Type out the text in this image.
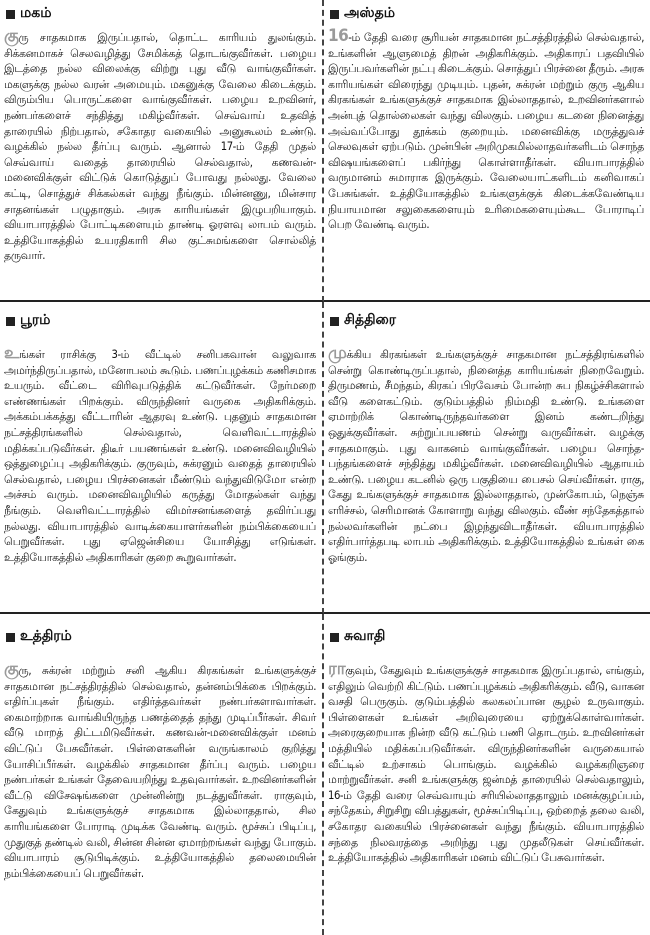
மகம்
குரு சாதகமாக இருப்பதால், தொட்ட காரியம் துலங்கும். சிக்கனமாகச் செலவழித்து சேமிக்கத் தொடங்குவீர்கள். பழைய இடத்தை நல்ல விலைக்கு விற்று புது வீடு வாங்குவீர்கள். மகளுக்கு நல்ல வரன் அமையும். மகனுக்கு வேலை கிடைக்கும். விரும்பிய பொருட்களை வாங்குவீர்கள். பழைய உறவினர், நண்பர்களைச் சந்தித்து மகிழ்வீர்கள். செவ்வாய் உதவித் தாரையில் நிற்பதால், சகோதர வகையில் அனுகூலம் உண்டு. வழக்கில் நல்ல தீர்ப்பு வரும். ஆனால் 17-ம் தேதி முதல் செவ்வாய் வதைத் தாரையில் செல்வதால், கணவன்-மனைவிக்குள் விட்டுக் கொடுத்துப் போவது நல்லது. வேலை கட்டி, சொத்துச் சிக்கல்கள் வந்து நீங்கும். மின்னணு, மின்சார சாதனங்கள் பழுதாகும். அரசு காரியங்கள் இழுபறியாகும். வியாபாரத்தில் போட்டிகளையும் தாண்டி ஓரளவு லாபம் வரும். உத்தியோகத்தில் உயரதிகாரி சில குட்சுமங்களை சொல்லித் தருவார்.
அஸ்தம்
16-ம் தேதி வரை சூரியன் சாதகமான நட்சத்திரத்தில் செல்வதால், உங்களின் ஆளுமைத் திறன் அதிகரிக்கும். அதிகாரப் பதவியில் இருப்பவர்களின் நட்பு கிடைக்கும். சொத்துப் பிரச்னை தீரும். அரசு காரியங்கள் விரைந்து முடியும். புதன், சுக்ரன் மற்றும் குரு ஆகிய கிரகங்கள் உங்களுக்குச் சாதகமாக இல்லாததால், உறவினர்களால் அன்புத் தொல்லைகள் வந்து விலகும். பழைய கடனை நினைத்து அவ்வப்போது தூக்கம் குறையும். மனைவிக்கு மருத்துவச் செலவுகள் ஏற்படும். முன்பின் அறிமுகமில்லாதவர்களிடம் சொந்த விஷயங்களைப் பகிர்ந்து கொள்ளாதீர்கள். வியாபாரத்தில் வருமானம் சுமாராக இருக்கும். வேலையாட்களிடம் கனிவாகப் பேசுங்கள். உத்தியோகத்தில் உங்களுக்குக் கிடைக்கவேண்டிய நியாயமான சலுகைகளையும் உரிமைகளையும்கூட போராடிப் பெற வேண்டி வரும்.
பூரம்
உங்கள் ராசிக்கு 3-ம் வீட்டில் சனிபகவான் வலுவாக அமர்ந்திருப்பதால், மனோபலம் கூடும். பணப்புழக்கம் கணிசமாக உயரும். வீட்டை விரிவுபடுத்திக் கட்டுவீர்கள். நேர்மறை எண்ணங்கள் பிறக்கும். விருந்தினர் வருகை அதிகரிக்கும். அக்கம்பக்கத்து வீட்டாரின் ஆதரவு உண்டு. புதனும் சாதகமான நட்சத்திரங்களில் செல்வதால், வெளிவட்டாரத்தில் மதிக்கப்படுவீர்கள். திடீர் பயணங்கள் உண்டு. மனைவிவழியில் ஒத்துழைப்பு அதிகரிக்கும். குருவும், சுக்ரனும் வதைத் தாரையில் செல்வதால், பழைய பிரச்னைகள் மீண்டும் வந்துவிடுமோ என்ற அச்சம் வரும். மனைவிவழியில் கருத்து மோதல்கள் வந்து நீங்கும். வெளிவட்டாரத்தில் விமர்சனங்களைத் தவிர்ப்பது நல்லது. வியாபாரத்தில் வாடிக்கையாளர்களின் நம்பிக்கையைப் பெறுவீர்கள். புது ஏஜென்சியை யோசித்து எடுங்கள். உத்தியோகத்தில் அதிகாரிகள் குறை கூறுவார்கள்.
சித்திரை
முக்கிய கிரகங்கள் உங்களுக்குச் சாதகமான நட்சத்திரங்களில் சென்று கொண்டிருப்பதால், நினைத்த காரியங்கள் நிறைவேறும். திருமணம், சீமந்தம், கிரகப் பிரவேசம் போன்ற சுப நிகழ்ச்சிகளால் வீடு களைகட்டும். குடும்பத்தில் நிம்மதி உண்டு. உங்களை ஏமாற்றிக் கொண்டிருந்தவர்களை இனம் கண்டறிந்து ஒதுக்குவீர்கள். சுற்றுப்பயணம் சென்று வருவீர்கள். வழக்கு சாதகமாகும். புது வாகனம் வாங்குவீர்கள். பழைய சொந்த-பந்தங்களைச் சந்தித்து மகிழ்வீர்கள். மனைவிவழியில் ஆதாயம் உண்டு. பழைய கடனில் ஒரு பகுதியை பைசல் செய்வீர்கள். ராகு, கேது உங்களுக்குச் சாதகமாக இல்லாததால், முன்கோபம், நெஞ்சு எரிச்சல், செரிமானக் கோளாறு வந்து விலகும். வீண் சந்தேகத்தால் நல்லவர்களின் நட்பை இழந்துவிடாதீர்கள். வியாபாரத்தில் எதிர்பார்த்தபடி லாபம் அதிகரிக்கும். உத்தியோகத்தில் உங்கள் கை ஓங்கும்.
உத்திரம்
குரு, சுக்ரன் மற்றும் சனி ஆகிய கிரகங்கள் உங்களுக்குச் சாதகமான நட்சத்திரத்தில் செல்வதால், தன்னம்பிக்கை பிறக்கும். எதிர்ப்புகள் நீங்கும். எதிர்த்தவர்கள் நண்பர்களாவார்கள். கைமாற்றாக வாங்கியிருந்த பணத்தைத் தந்து முடிப்பீர்கள். சிவர் வீடு மாறத் திட்டமிடுவீர்கள். கணவன்-மனைவிக்குள் மனம் விட்டுப் பேசுவீர்கள். பிள்ளைகளின் வருங்காலம் குறித்து யோசிப்பீர்கள். வழக்கில் சாதகமான தீர்ப்பு வரும். பழைய நண்பர்கள் உங்கள் தேவையறிந்து உதவுவார்கள். உறவினர்களின் வீட்டு விசேஷங்களை முன்னின்று நடத்துவீர்கள். ராகுவும், கேதுவும் உங்களுக்குச் சாதகமாக இல்லாததால், சில காரியங்களை போராடி முடிக்க வேண்டி வரும். மூச்சுப் பிடிப்பு, முதுகுத் தண்டில் வலி, சின்ன சின்ன ஏமாற்றங்கள் வந்து போகும். வியாபாரம் சூடுபிடிக்கும். உத்தியோகத்தில் தலைமையின் நம்பிக்கையைப் பெறுவீர்கள்.
சுவாதி
ராகுவும், கேதுவும் உங்களுக்குச் சாதகமாக இருப்பதால், எங்கும், எதிலும் வெற்றி கிட்டும். பணப்புழக்கம் அதிகரிக்கும். வீடு, வாகன வசதி பெருகும். குடும்பத்தில் கலகலப்பான சூழல் உருவாகும். பிள்ளைகள் உங்கள் அறிவுரையை ஏற்றுக்கொள்வார்கள். அரைகுறையாக நின்ற வீடு கட்டும் பணி தொடரும். உறவினர்கள் மத்தியில் மதிக்கப்படுவீர்கள். விருந்தினர்களின் வருகையால் வீட்டில் உற்சாகம் பொங்கும். வழக்கில் வழக்கறிஞரை மாற்றுவீர்கள். சனி உங்களுக்கு ஜன்மத் தாரையில் செல்வதாலும், 16-ம் தேதி வரை செவ்வாயும் சரியில்லாததாலும் மனக்குழப்பம், சந்தேகம், சிறுசிறு விபத்துகள், மூச்சுப்பிடிப்பு, ஒற்றைத் தலை வலி, சகோதர வகையில் பிரச்னைகள் வந்து நீங்கும். வியாபாரத்தில் சந்தை நிலவரத்தை அறிந்து புது முதலீடுகள் செய்வீர்கள். உத்தியோகத்தில் அதிகாரிகள் மனம் விட்டுப் பேசுவார்கள்.
